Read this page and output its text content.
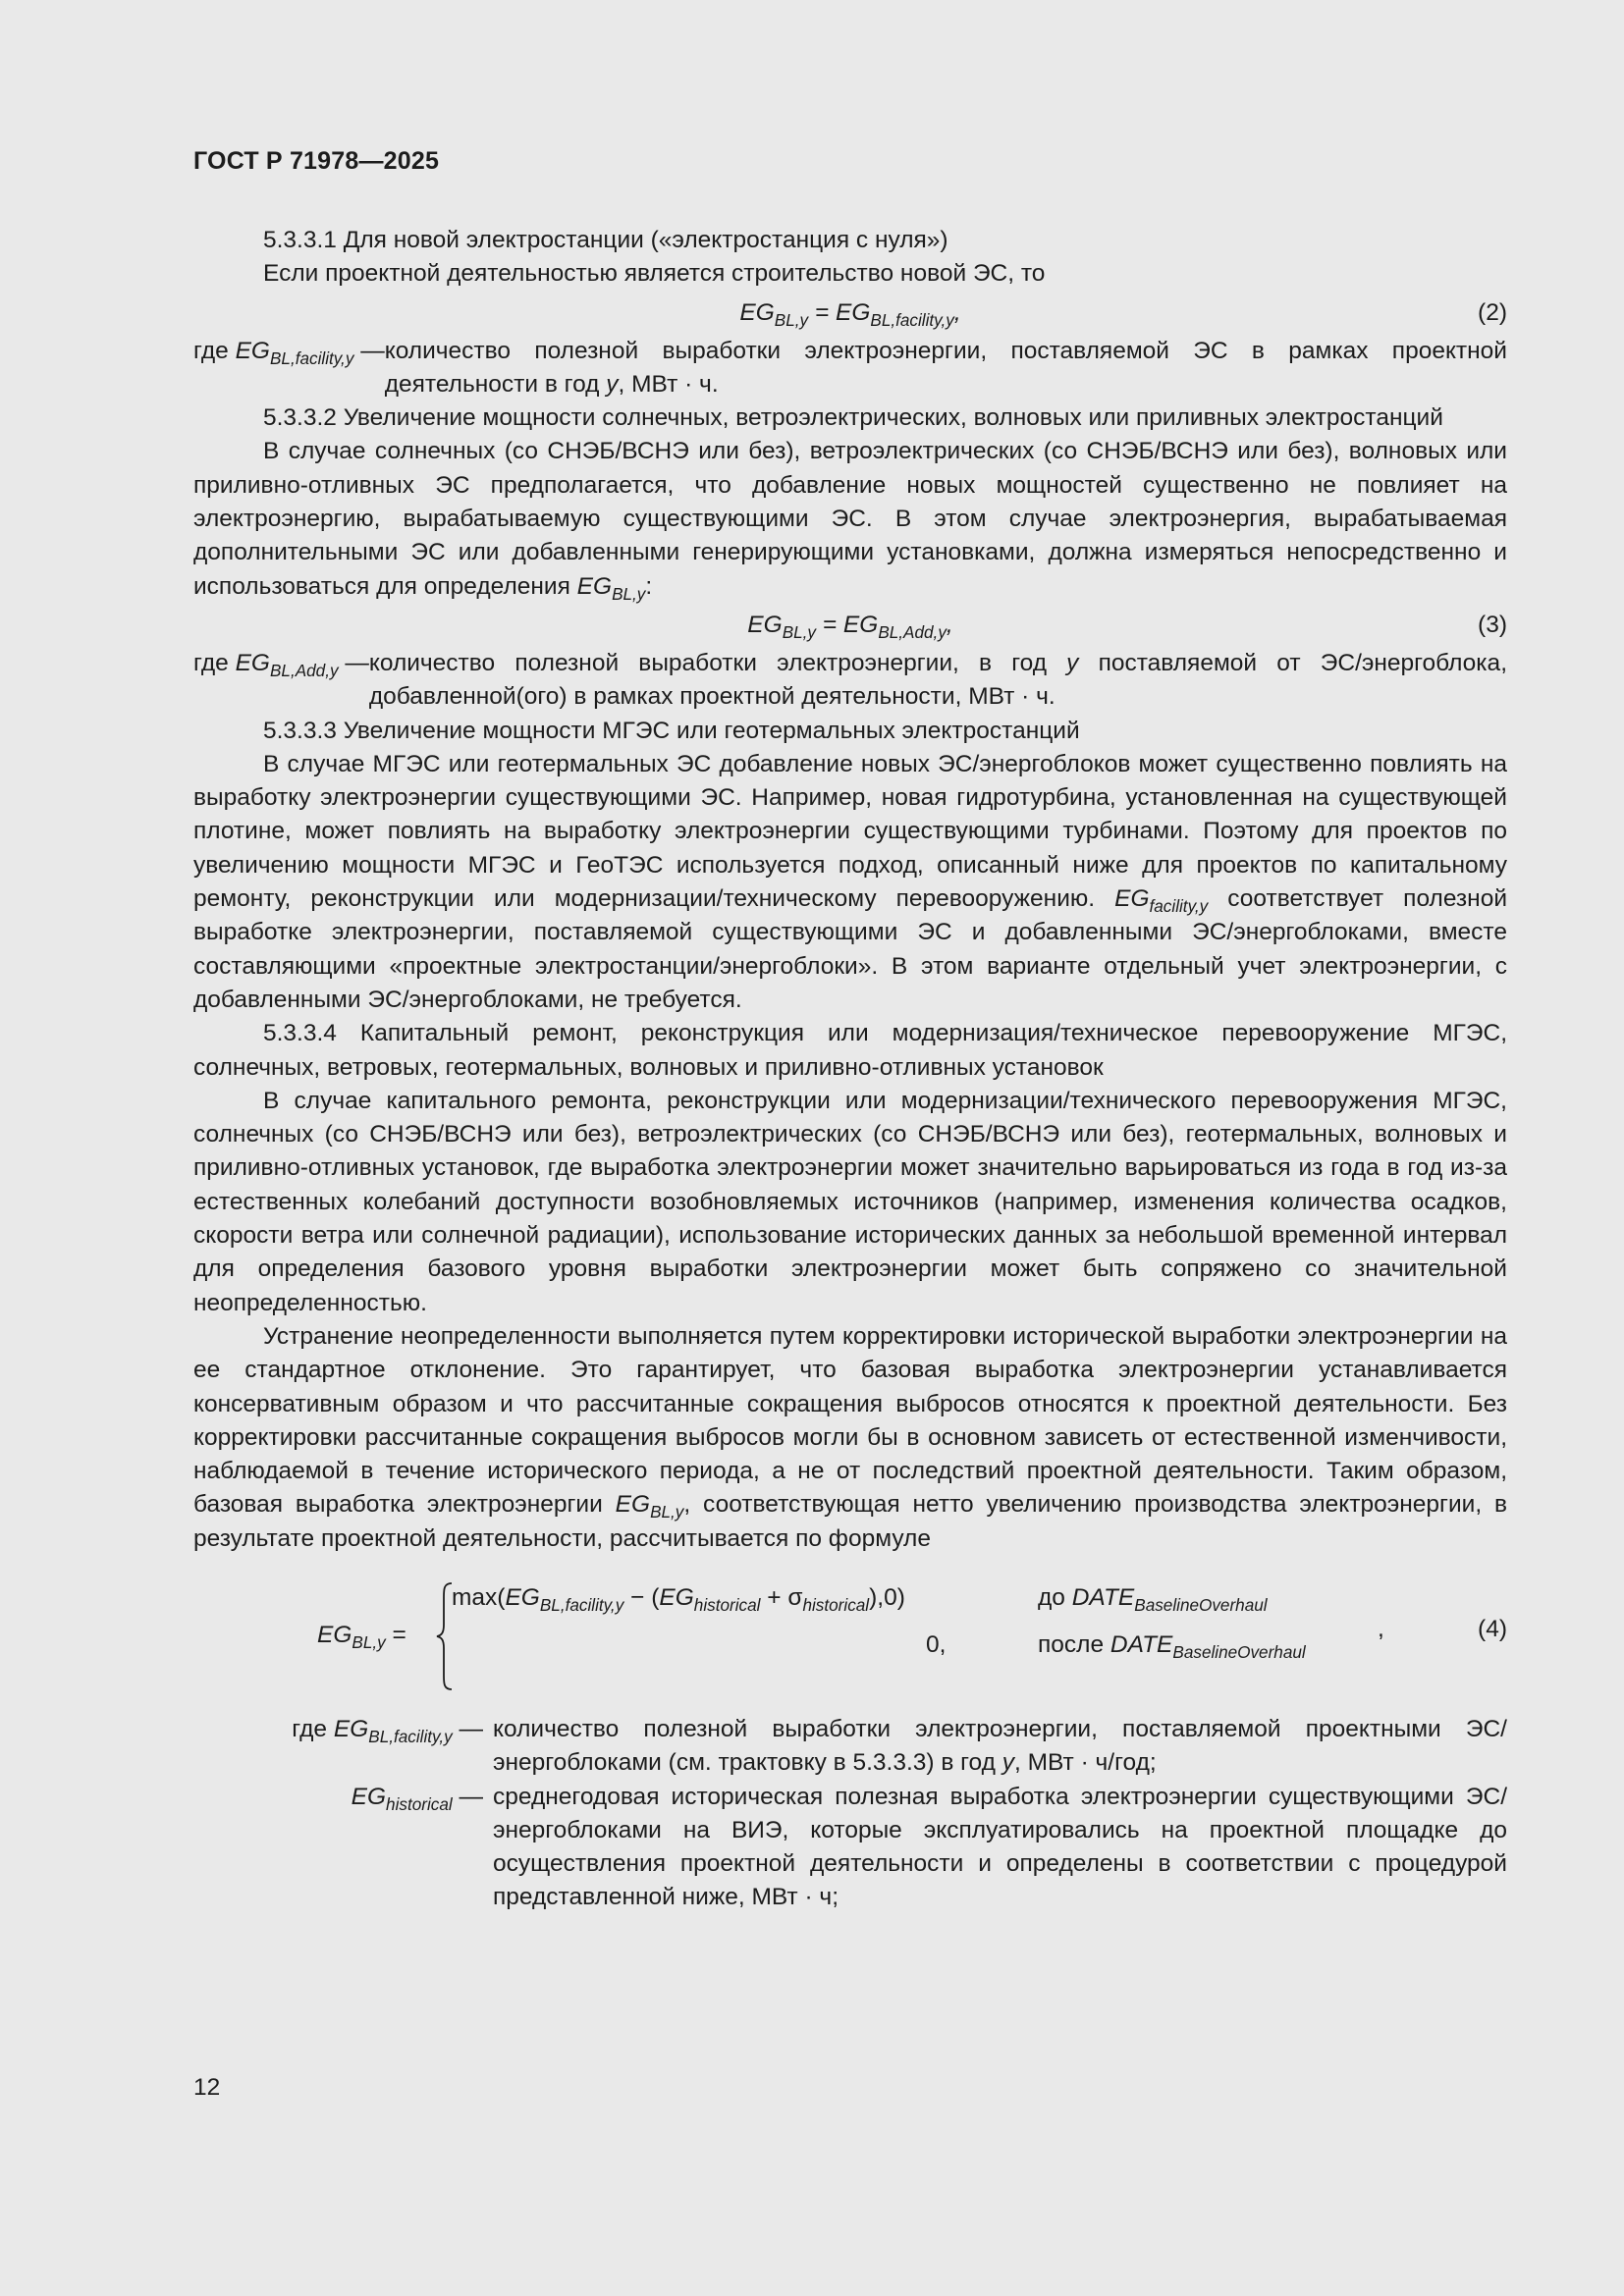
ГОСТ Р 71978—2025

5.3.3.1 Для новой электростанции («электростанция с нуля»)

Если проектной деятельностью является строительство новой ЭС, то

$EG_{BL,y} = EG_{BL,facility,y}$,	(2)
где $EG_{BL,facility,y}$ — количество полезной выработки электроэнергии, поставляемой ЭС в рамках проектной деятельности в год y, МВт · ч.

5.3.3.2 Увеличение мощности солнечных, ветроэлектрических, волновых или приливных электростанций

В случае солнечных (со СНЭБ/ВСНЭ или без), ветроэлектрических (со СНЭБ/ВСНЭ или без), волновых или приливно-отливных ЭС предполагается, что добавление новых мощностей существенно не повлияет на электроэнергию, вырабатываемую существующими ЭС. В этом случае электроэнергия, вырабатываемая дополнительными ЭС или добавленными генерирующими установками, должна измеряться непосредственно и использоваться для определения $EG_{BL,y}$:

$EG_{BL,y} = EG_{BL,Add,y}$,	(3)
где $EG_{BL,Add,y}$ — количество полезной выработки электроэнергии, в год y поставляемой от ЭС/энергоблока, добавленной(ого) в рамках проектной деятельности, МВт · ч.

5.3.3.3 Увеличение мощности МГЭС или геотермальных электростанций

В случае МГЭС или геотермальных ЭС добавление новых ЭС/энергоблоков может существенно повлиять на выработку электроэнергии существующими ЭС. Например, новая гидротурбина, установленная на существующей плотине, может повлиять на выработку электроэнергии существующими турбинами. Поэтому для проектов по увеличению мощности МГЭС и ГеоТЭС используется подход, описанный ниже для проектов по капитальному ремонту, реконструкции или модернизации/техническому перевооружению. $EG_{facility,y}$ соответствует полезной выработке электроэнергии, поставляемой существующими ЭС и добавленными ЭС/энергоблоками, вместе составляющими «проектные электростанции/энергоблоки». В этом варианте отдельный учет электроэнергии, с добавленными ЭС/энергоблоками, не требуется.

5.3.3.4 Капитальный ремонт, реконструкция или модернизация/техническое перевооружение МГЭС, солнечных, ветровых, геотермальных, волновых и приливно-отливных установок

В случае капитального ремонта, реконструкции или модернизации/технического перевооружения МГЭС, солнечных (со СНЭБ/ВСНЭ или без), ветроэлектрических (со СНЭБ/ВСНЭ или без), геотермальных, волновых и приливно-отливных установок, где выработка электроэнергии может значительно варьироваться из года в год из-за естественных колебаний доступности возобновляемых источников (например, изменения количества осадков, скорости ветра или солнечной радиации), использование исторических данных за небольшой временной интервал для определения базового уровня выработки электроэнергии может быть сопряжено со значительной неопределенностью.

Устранение неопределенности выполняется путем корректировки исторической выработки электроэнергии на ее стандартное отклонение. Это гарантирует, что базовая выработка электроэнергии устанавливается консервативным образом и что рассчитанные сокращения выбросов относятся к проектной деятельности. Без корректировки рассчитанные сокращения выбросов могли бы в основном зависеть от естественной изменчивости, наблюдаемой в течение исторического периода, а не от последствий проектной деятельности. Таким образом, базовая выработка электроэнергии $EG_{BL,y}$, соответствующая нетто увеличению производства электроэнергии, в результате проектной деятельности, рассчитывается по формуле

$EG_{BL,y}$ =
$\max(EG_{BL,facility,y} - (EG_{historical} + \sigma_{historical}),0)$
0,
до $DATE_{BaselineOverhaul}$
после $DATE_{BaselineOverhaul}$
,	(4)
где $EG_{BL,facility,y}$ — количество полезной выработки электроэнергии, поставляемой проектными ЭС/энергоблоками (см. трактовку в 5.3.3.3) в год y, МВт · ч/год;
$EG_{historical}$ — среднегодовая историческая полезная выработка электроэнергии существующими ЭС/энергоблоками на ВИЭ, которые эксплуатировались на проектной площадке до осуществления проектной деятельности и определены в соответствии с процедурой представленной ниже, МВт · ч;
12
